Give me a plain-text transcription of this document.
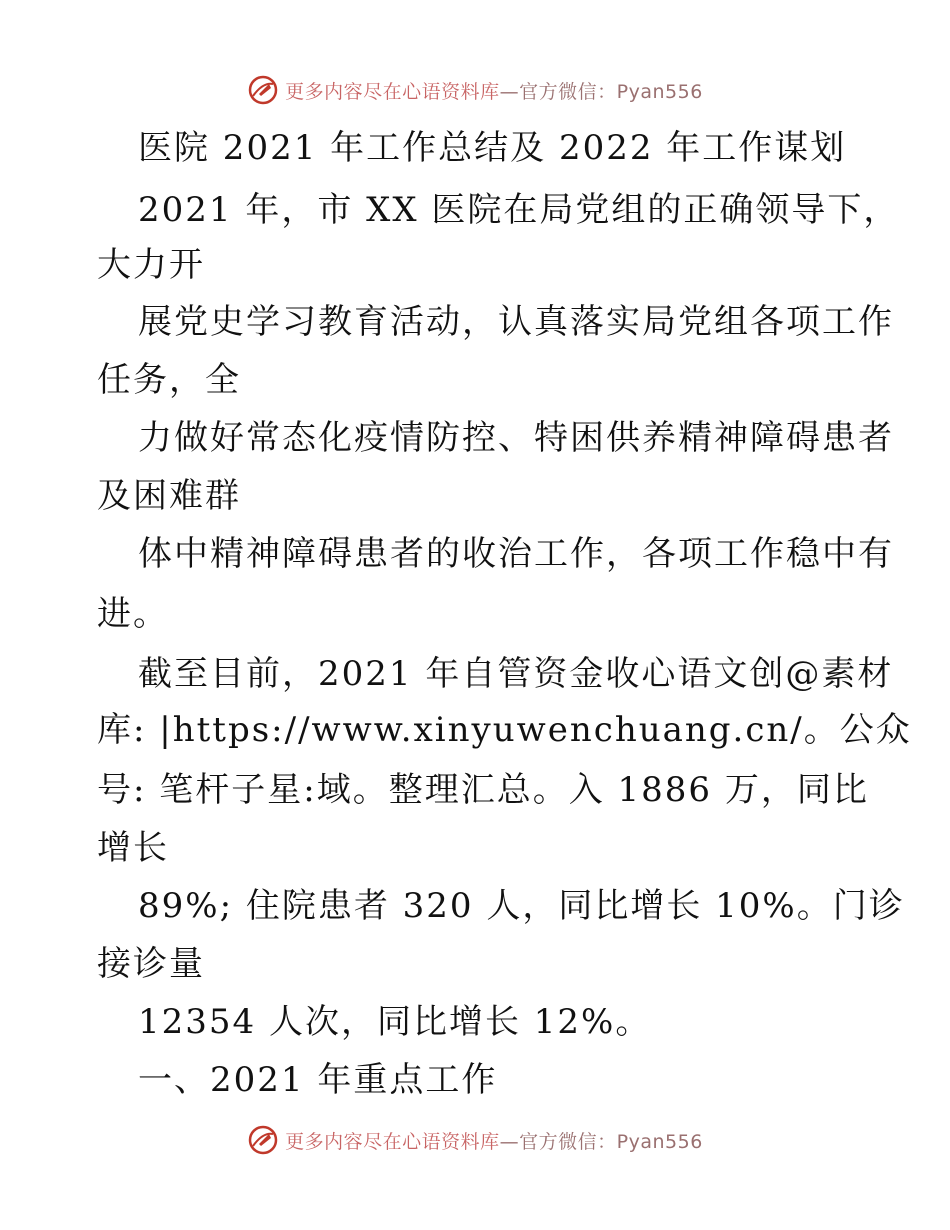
更多内容尽在心语资料库 —官方微信：Pyan556
医院 2021 年工作总结及 2022 年工作谋划
2021 年，市 XX 医院在局党组的正确领导下，
大力开
展党史学习教育活动，认真落实局党组各项工作
任务，全
力做好常态化疫情防控、特困供养精神障碍患者
及困难群
体中精神障碍患者的收治工作，各项工作稳中有
进。
截至目前，2021 年自管资金收心语文创@素材
库: |https://www.xinyuwenchuang.cn/。公众
号: 笔杆子星:域。整理汇总。入 1886 万，同比
增长
89%; 住院患者 320 人，同比增长 10%。门诊
接诊量
12354 人次，同比增长 12%。
一、2021 年重点工作
更多内容尽在心语资料库 —官方微信：Pyan556
